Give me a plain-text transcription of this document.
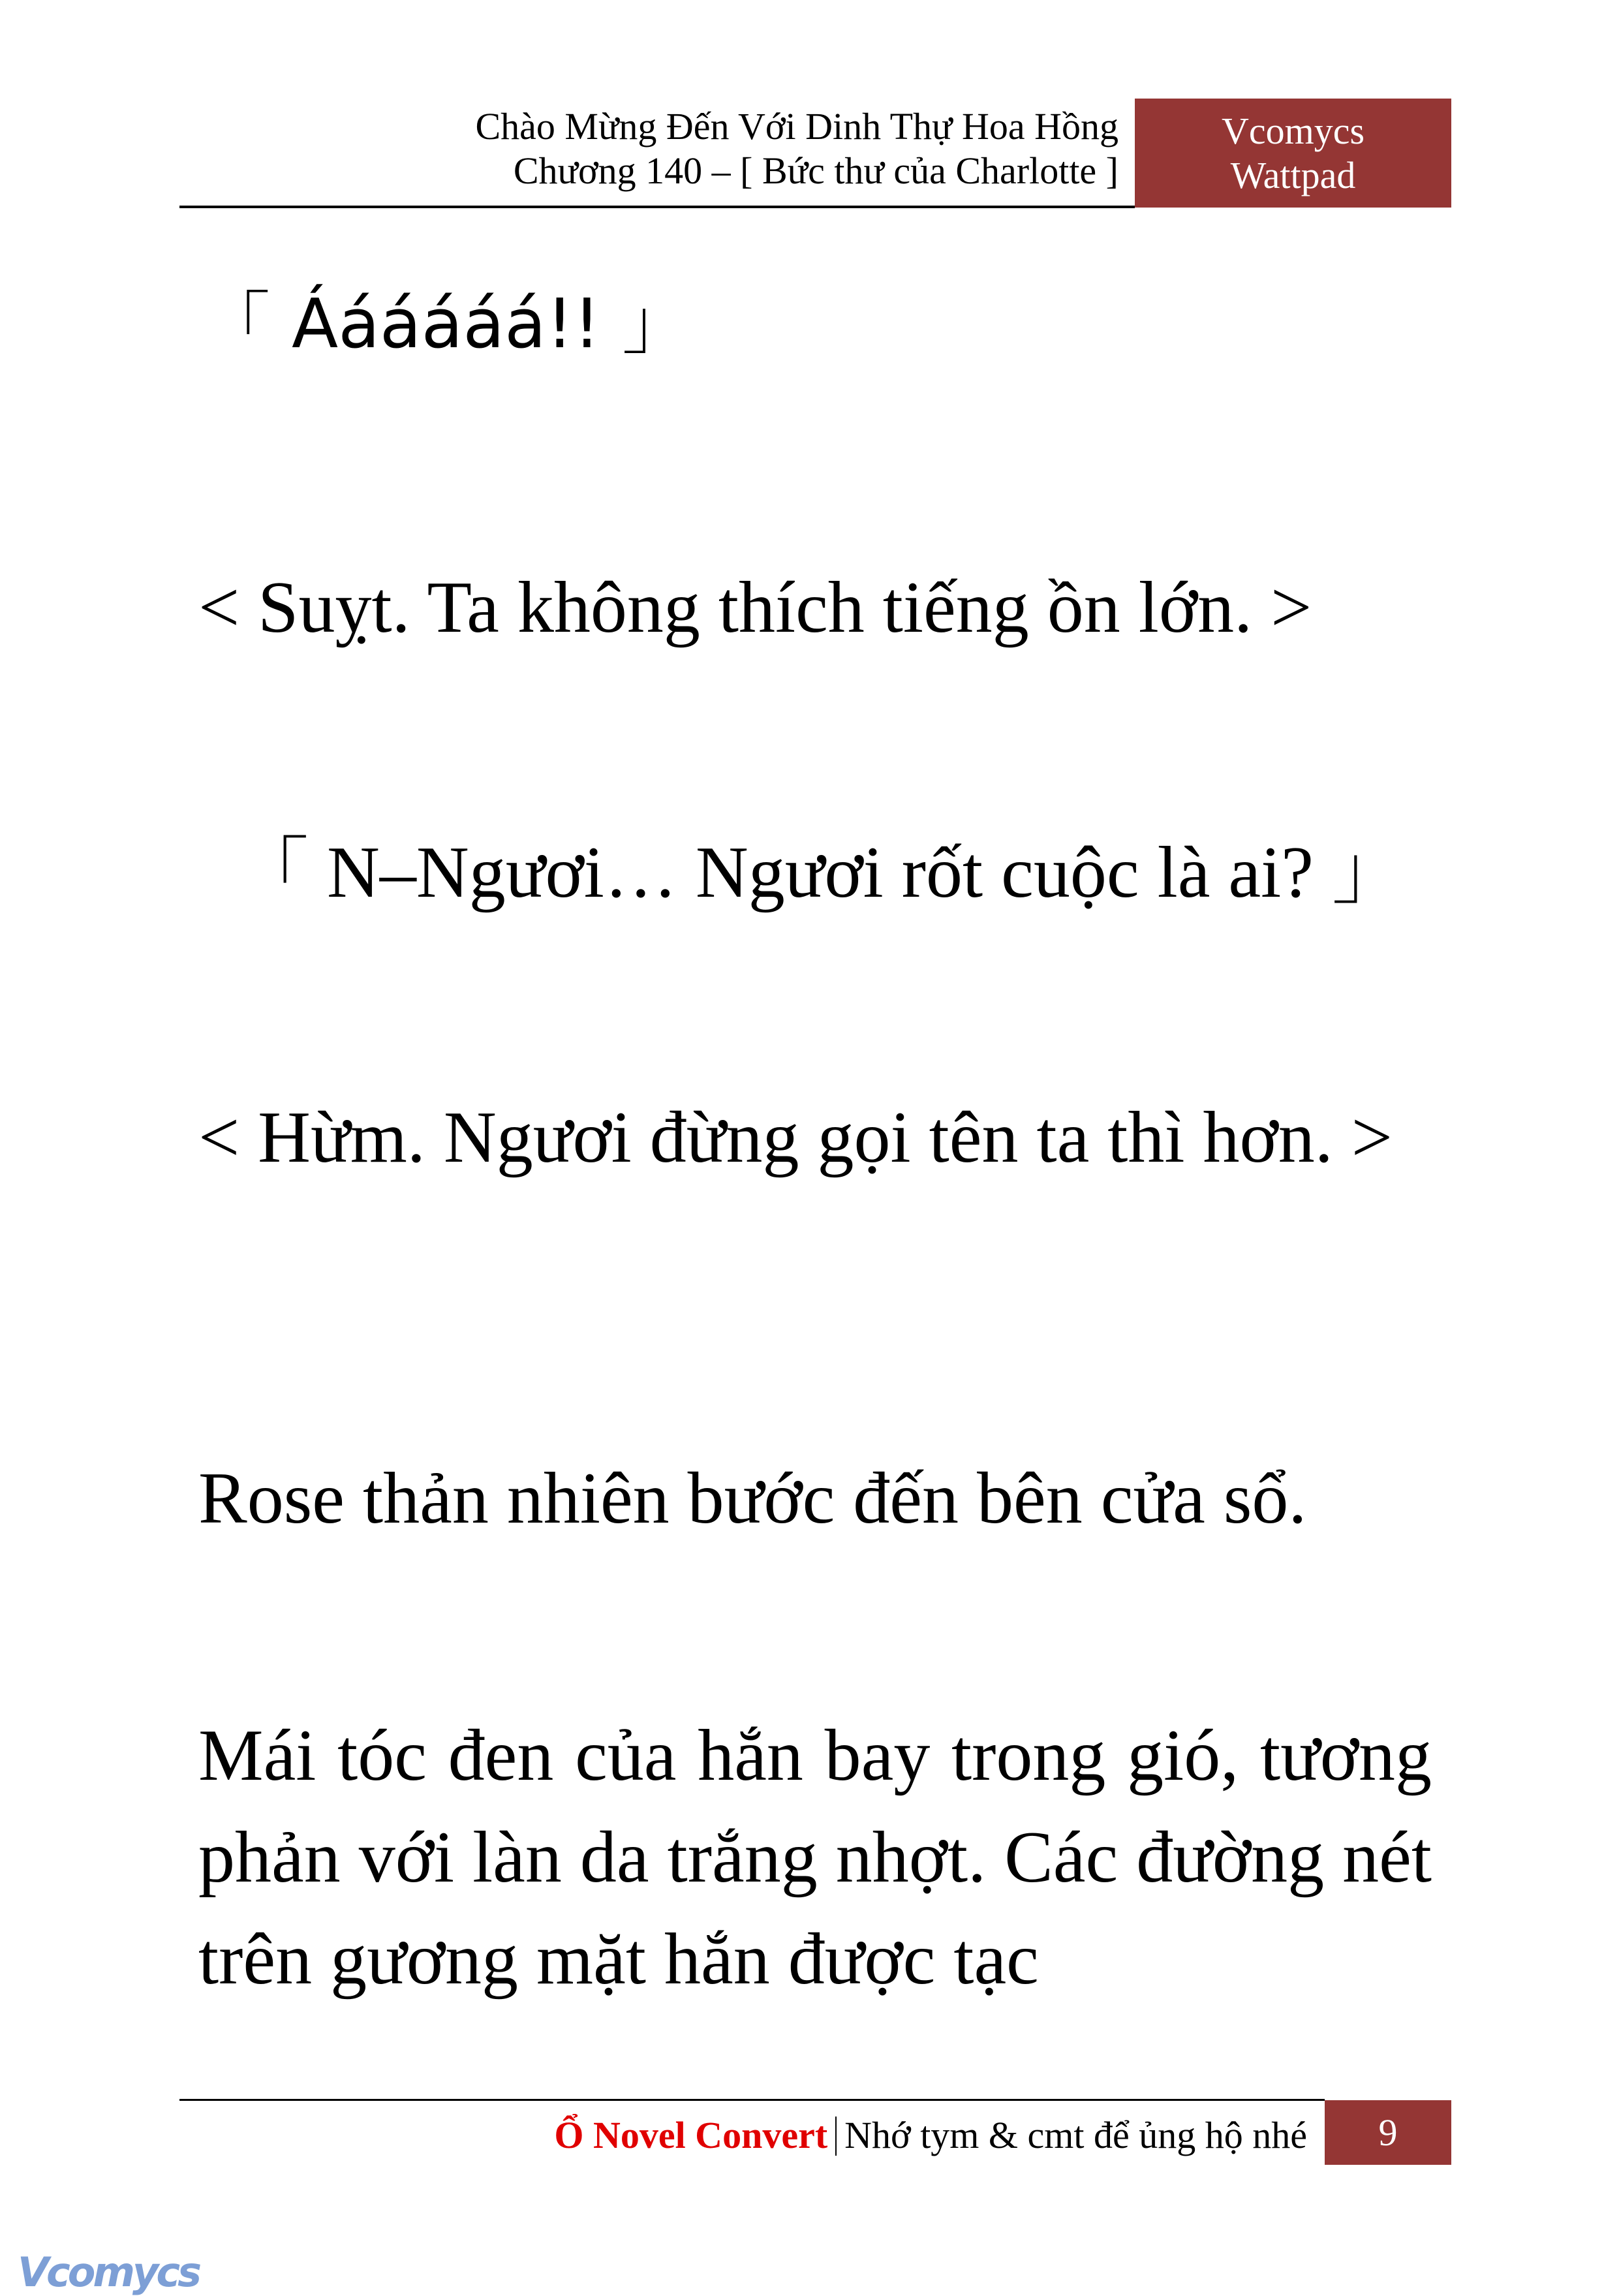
Chào Mừng Đến Với Dinh Thự Hoa Hồng
Chương 140 – [ Bức thư của Charlotte ]
Vcomycs
Wattpad
「 Áááááá!! 」
< Suỵt. Ta không thích tiếng ồn lớn. >
「 N–Ngươi… Ngươi rốt cuộc là ai? 」
< Hừm. Ngươi đừng gọi tên ta thì hơn. >
Rose thản nhiên bước đến bên cửa sổ.
Mái tóc đen của hắn bay trong gió, tương phản với làn da trắng nhợt. Các đường nét trên gương mặt hắn được tạc
Ổ Novel Convert Nhớ tym & cmt để ủng hộ nhé	9
Vcomycs
